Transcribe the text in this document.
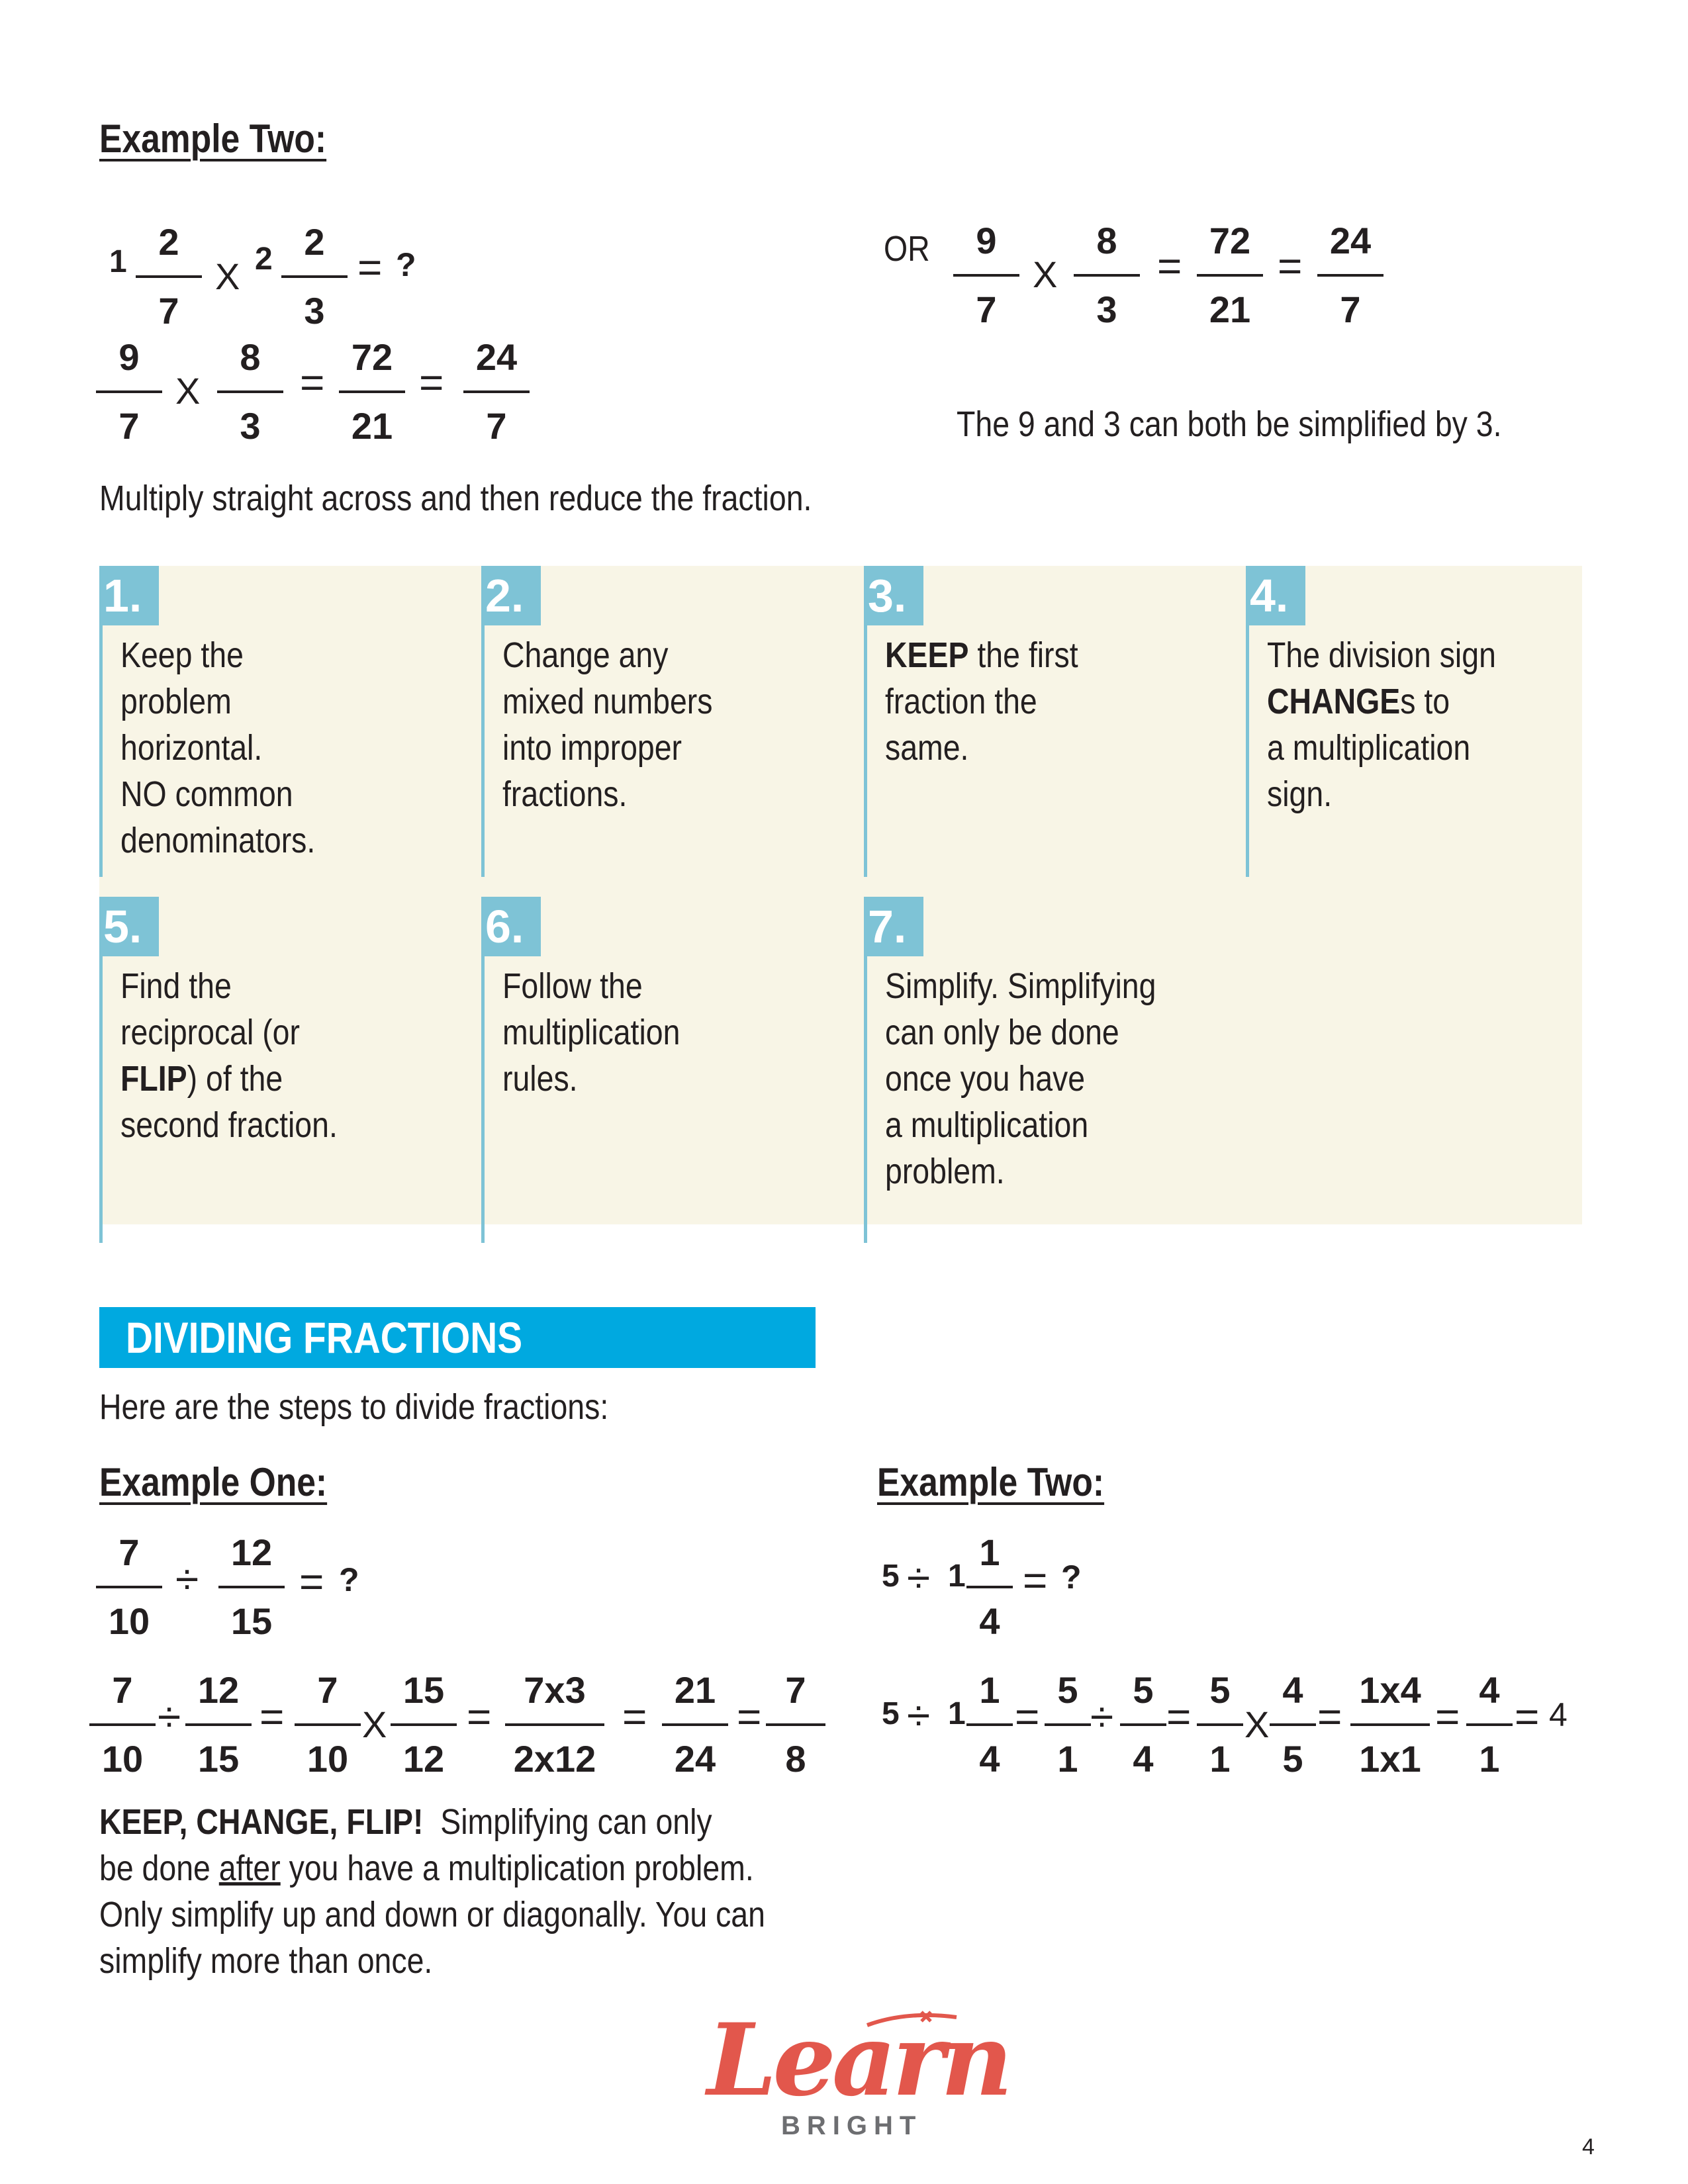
Example Two:
1 2
7
X 2 2
3
= ?
9
7
X
8
3
=
72
21
=
24
7
Multiply straight across and then reduce the fraction.
OR	9
7
X
8
3
=
72
21
=
24
7
The 9 and 3 can both be simplified by 3.
1.
Keep the
problem
horizontal.
NO common
denominators.
2.
Change any
mixed numbers
into improper
fractions.
3.
KEEP the first
fraction the
same.
4.
The division sign
CHANGEs to
a multiplication
sign.
5.
Find the
reciprocal (or
FLIP) of the
second fraction.
6.
Follow the
multiplication
rules.
7.
Simplify. Simplifying
can only be done
once you have
a multiplication
problem.
DIVIDING FRACTIONS
Here are the steps to divide fractions:
Example One:	Example Two:
7
10
÷
12
15
= ?
7
10
÷
12
15
=
7
10
X
15
12
=
7x3
2x12
=
21
24
=
7
8
KEEP, CHANGE, FLIP!  Simplifying can only
be done after you have a multiplication problem.
Only simplify up and down or diagonally. You can
simplify more than once.
5 ÷ 1
1
4
= ?
5 ÷ 1
1
4
=
5
1
÷
5
4
=
5
1
X
4
5
=
1x4
1x1
=
4
1
= 4
Learn
BRIGHT
4
